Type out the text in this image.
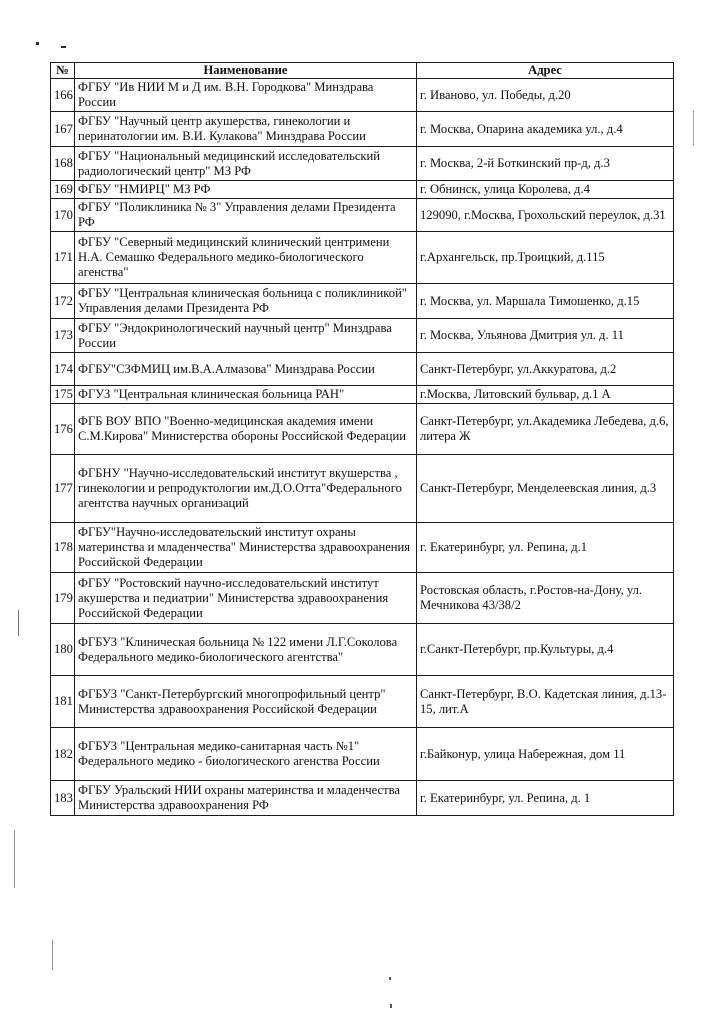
№	Наименование	Адрес
166	ФГБУ "Ив НИИ М и Д им. В.Н. Городкова" Минздрава России	г. Иваново, ул. Победы, д.20
167	ФГБУ "Научный центр акушерства, гинекологии и перинатологии им. В.И. Кулакова" Минздрава России	г. Москва, Опарина академика ул., д.4
168	ФГБУ "Национальный медицинский исследовательский радиологический центр" МЗ РФ	г. Москва, 2-й Боткинский пр-д, д.3
169	ФГБУ "НМИРЦ" МЗ РФ	г. Обнинск, улица Королева, д.4
170	ФГБУ "Поликлиника № 3" Управления делами Президента РФ	129090, г.Москва, Грохольский переулок, д.31
171	ФГБУ "Северный медицинский клинический центримени Н.А. Семашко Федерального медико-биологического агенства"	г.Архангельск, пр.Троицкий, д.115
172	ФГБУ "Центральная клиническая больница с поликлиникой" Управления делами Президента РФ	г. Москва, ул. Маршала Тимошенко, д.15
173	ФГБУ "Эндокринологический научный центр" Минздрава России	г. Москва, Ульянова Дмитрия ул. д. 11
174	ФГБУ"СЗФМИЦ им.В.А.Алмазова" Минздрава России	Санкт-Петербург, ул.Аккуратова, д.2
175	ФГУЗ "Центральная клиническая больница РАН"	г.Москва, Литовский бульвар, д.1 А
176	ФГБ ВОУ ВПО "Военно-медицинская академия имени С.М.Кирова" Министерства обороны Российской Федерации	Санкт-Петербург, ул.Академика Лебедева, д.6, литера Ж
177	ФГБНУ "Научно-исследовательский институт вкушерства , гинекологии и репродуктологии им.Д.О.Отта"Федерального агентства научных организаций	Санкт-Петербург, Менделеевская линия, д.3
178	ФГБУ"Научно-исследовательский институт охраны материнства и младенчества" Министерства здравоохранения Российской Федерации	г. Екатеринбург, ул. Репина, д.1
179	ФГБУ "Ростовский научно-исследовательский институт акушерства и педиатрии" Министерства здравоохранения Российской Федерации	Ростовская область, г.Ростов-на-Дону, ул. Мечникова 43/38/2
180	ФГБУЗ "Клиническая больница № 122 имени Л.Г.Соколова Федерального медико-биологического агентства"	г.Санкт-Петербург, пр.Культуры, д.4
181	ФГБУЗ "Санкт-Петербургский многопрофильный центр" Министерства здравоохранения Российской Федерации	Санкт-Петербург, В.О. Кадетская линия, д.13-15, лит.А
182	ФГБУЗ "Центральная медико-санитарная часть №1" Федерального медико - биологического агенства России	г.Байконур, улица Набережная, дом 11
183	ФГБУ Уральский НИИ охраны материнства и младенчества Министерства здравоохранения РФ	г. Екатеринбург, ул. Репина, д. 1
